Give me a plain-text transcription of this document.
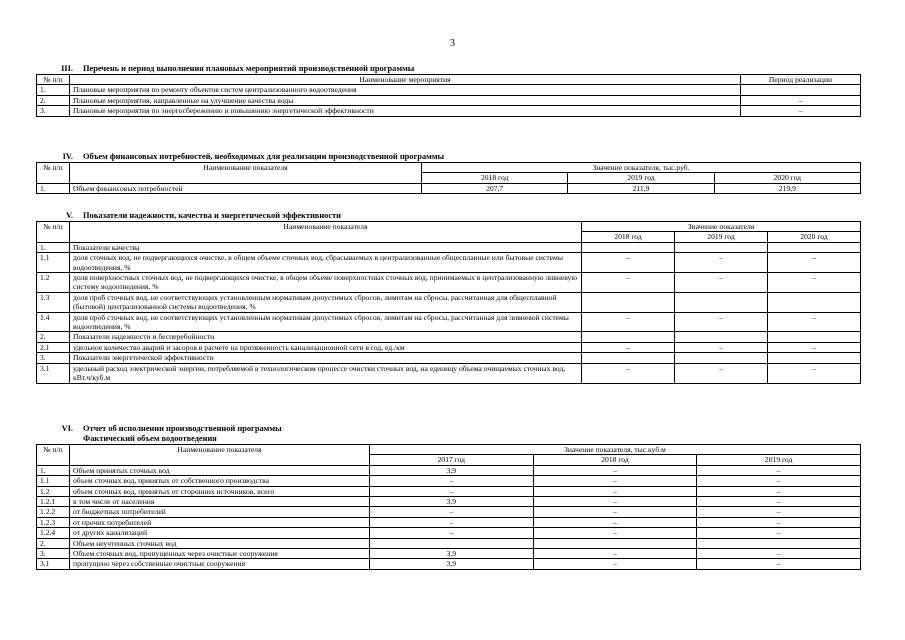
3
III.	Перечень и период выполнения плановых мероприятий производственной программы
№ п/п	Наименование мероприятия	Период реализации
1.	Плановые мероприятия по ремонту объектов систем централизованного водоотведения	
2.	Плановые мероприятия, направленные на улучшение качества воды	–
3.	Плановые мероприятия по энергосбережению и повышению энергетической эффективности	–
IV.	Объем финансовых потребностей, необходимых для реализации производственной программы
№ п/п	Наименование показателя	Значение показателя, тыс.руб.		
		2018 год	2019 год	2020 год
1.	Объем финансовых потребностей	207,7	211,9	219,9
V.	Показатели надежности, качества и энергетической эффективности
№ п/п	Наименование показателя	Значение показателя		
		2018 год	2019 год	2020 год
1.	Показатели качества			
1.1	доля сточных вод, не подвергающихся очистке, в общем объеме сточных вод, сбрасываемых в централизованные общесплавные или бытовые системы водоотведения, %	–	–	–
1.2	доля поверхностных сточных вод, не подвергающихся очистке, в общем объеме поверхностных сточных вод, принимаемых в централизованную ливневую систему водоотведения, %	–	–	–
1.3	доля проб сточных вод, не соответствующих установленным нормативам допустимых сбросов, лимитам на сбросы, рассчитанная для общесплавной (бытовой) централизованной системы водоотведения, %			
1.4	доля проб сточных вод, не соответствующих установленным нормативам допустимых сбросов, лимитам на сбросы, рассчитанная для ливневой системы водоотведения, %	–	–	–
2.	Показатели надежности и бесперебойности			
2.1	удельное количество аварий и засоров в расчете на протяженность канализационной сети в год, ед./км	–	–	–
3.	Показатели энергетической эффективности			
3.1	удельный расход электрической энергии, потребляемой в технологическом процессе очистки сточных вод, на единицу объема очищаемых сточных вод, кВт.ч/куб.м	–	–	–
VI.	Отчет об исполнении производственной программы
Фактический объем водоотведения
№ п/п	Наименование показателя	Значение показателя, тыс.куб.м		
		2017 год	2018 год	2019 год
1.	Объем принятых сточных вод	3,9	–	–
1.1	объем сточных вод, принятых от собственного производства	–	–	–
1.2	объем сточных вод, принятых от сторонних источников, всего	–	–	–
1.2.1	в том числе от населения	3,9	–	–
1.2.2	от бюджетных потребителей	–	–	–
1.2.3	от прочих потребителей	–	–	–
1.2.4	от других канализаций	–	–	–
2.	Объем неучтенных сточных вод			
3.	Объем сточных вод, пропущенных через очистные сооружения	3,9	–	–
3.1	пропущено через собственные очистные сооружения	3,9	–	–
